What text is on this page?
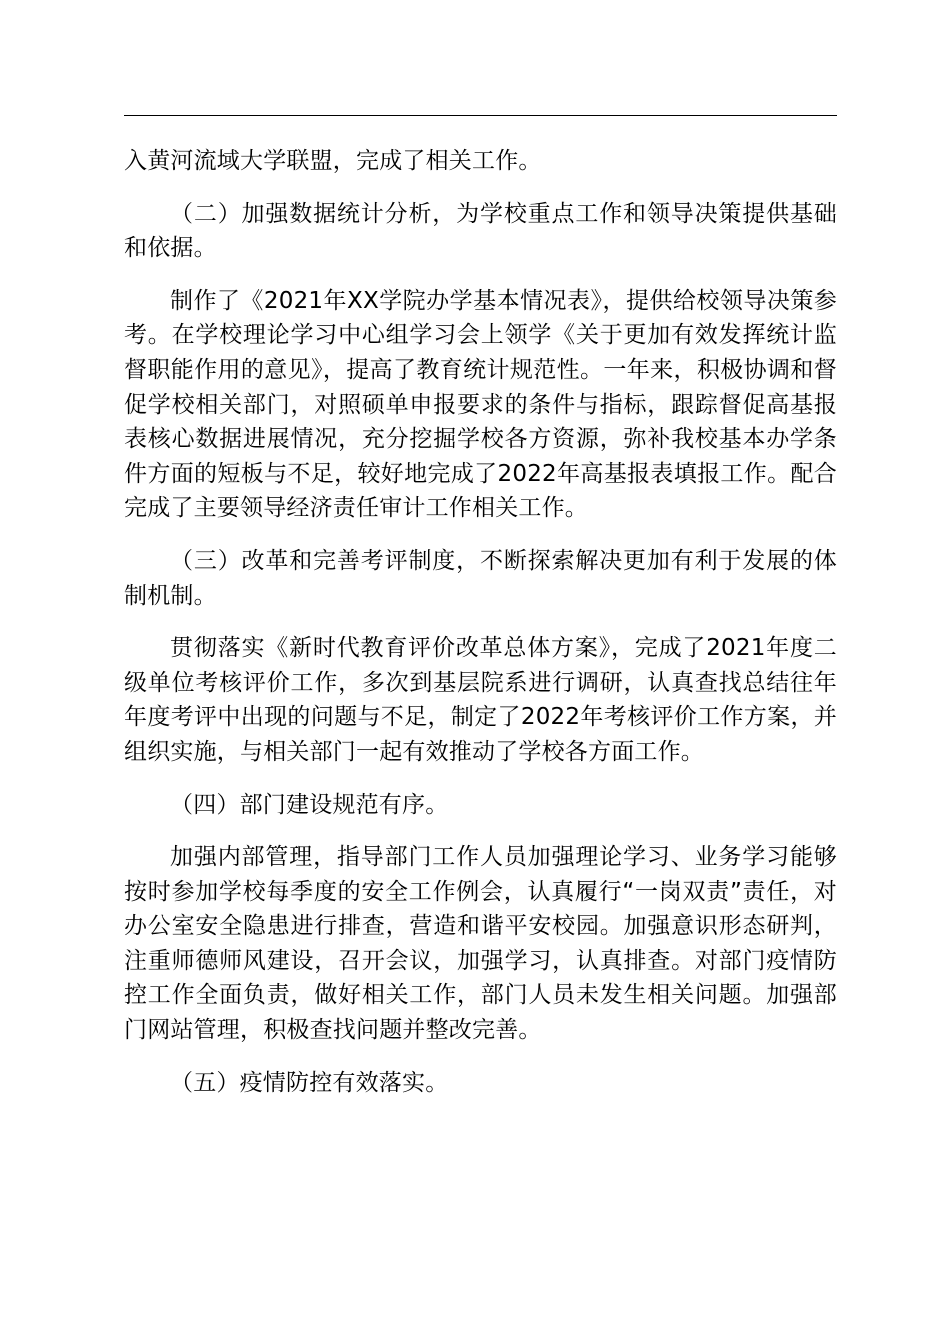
入黄河流域大学联盟，完成了相关工作。

（二）加强数据统计分析，为学校重点工作和领导决策提供基础和依据。

制作了《2021年XX学院办学基本情况表》，提供给校领导决策参考。在学校理论学习中心组学习会上领学《关于更加有效发挥统计监督职能作用的意见》，提高了教育统计规范性。一年来，积极协调和督促学校相关部门，对照硕单申报要求的条件与指标，跟踪督促高基报表核心数据进展情况，充分挖掘学校各方资源，弥补我校基本办学条件方面的短板与不足，较好地完成了2022年高基报表填报工作。配合完成了主要领导经济责任审计工作相关工作。

（三）改革和完善考评制度，不断探索解决更加有利于发展的体制机制。

贯彻落实《新时代教育评价改革总体方案》，完成了2021年度二级单位考核评价工作，多次到基层院系进行调研，认真查找总结往年年度考评中出现的问题与不足，制定了2022年考核评价工作方案，并组织实施，与相关部门一起有效推动了学校各方面工作。

（四）部门建设规范有序。

加强内部管理，指导部门工作人员加强理论学习、业务学习能够按时参加学校每季度的安全工作例会，认真履行“一岗双责”责任，对办公室安全隐患进行排查，营造和谐平安校园。加强意识形态研判，注重师德师风建设，召开会议，加强学习，认真排查。对部门疫情防控工作全面负责，做好相关工作，部门人员未发生相关问题。加强部门网站管理，积极查找问题并整改完善。

（五）疫情防控有效落实。
